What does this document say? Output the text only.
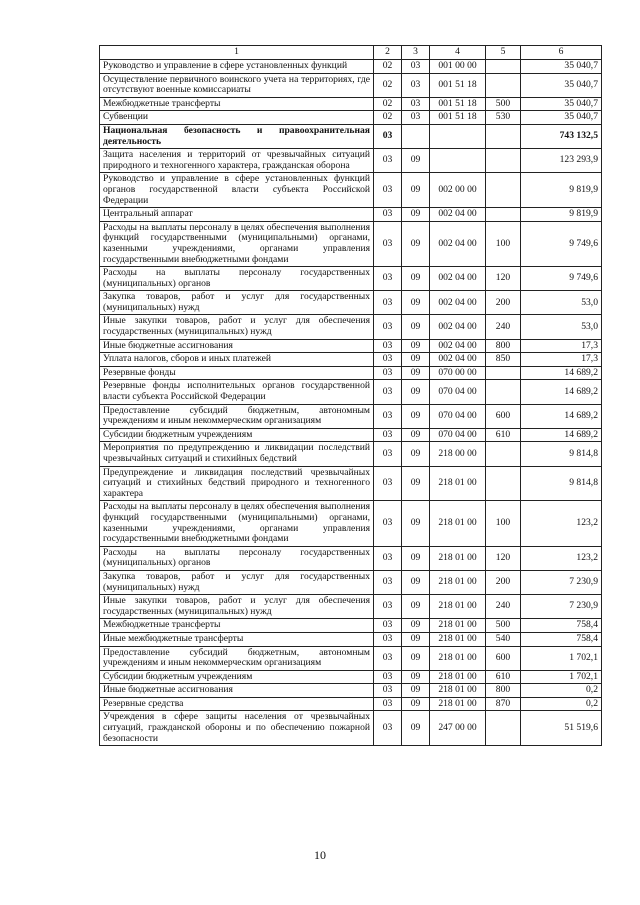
1	2	3	4	5	6
Руководство и управление в сфере установленных функций	02	03	001 00 00		35 040,7
Осуществление первичного воинского учета на территориях, где отсутствуют военные комиссариаты	02	03	001 51 18		35 040,7
Межбюджетные трансферты	02	03	001 51 18	500	35 040,7
Субвенции	02	03	001 51 18	530	35 040,7
Национальная безопасность и правоохранительная деятельность	03				743 132,5
Защита населения и территорий от чрезвычайных ситуаций природного и техногенного характера, гражданская оборона	03	09			123 293,9
Руководство и управление в сфере установленных функций органов государственной власти субъекта Российской Федерации	03	09	002 00 00		9 819,9
Центральный аппарат	03	09	002 04 00		9 819,9
Расходы на выплаты персоналу в целях обеспечения выполнения функций государственными (муниципальными) органами, казенными учреждениями, органами управления государственными внебюджетными фондами	03	09	002 04 00	100	9 749,6
Расходы на выплаты персоналу государственных (муниципальных) органов	03	09	002 04 00	120	9 749,6
Закупка товаров, работ и услуг для государственных (муниципальных) нужд	03	09	002 04 00	200	53,0
Иные закупки товаров, работ и услуг для обеспечения государственных (муниципальных) нужд	03	09	002 04 00	240	53,0
Иные бюджетные ассигнования	03	09	002 04 00	800	17,3
Уплата налогов, сборов и иных платежей	03	09	002 04 00	850	17,3
Резервные фонды	03	09	070 00 00		14 689,2
Резервные фонды исполнительных органов государственной власти субъекта Российской Федерации	03	09	070 04 00		14 689,2
Предоставление субсидий бюджетным, автономным учреждениям и иным некоммерческим организациям	03	09	070 04 00	600	14 689,2
Субсидии бюджетным учреждениям	03	09	070 04 00	610	14 689,2
Мероприятия по предупреждению и ликвидации последствий чрезвычайных ситуаций и стихийных бедствий	03	09	218 00 00		9 814,8
Предупреждение и ликвидация последствий чрезвычайных ситуаций и стихийных бедствий природного и техногенного характера	03	09	218 01 00		9 814,8
Расходы на выплаты персоналу в целях обеспечения выполнения функций государственными (муниципальными) органами, казенными учреждениями, органами управления государственными внебюджетными фондами	03	09	218 01 00	100	123,2
Расходы на выплаты персоналу государственных (муниципальных) органов	03	09	218 01 00	120	123,2
Закупка товаров, работ и услуг для государственных (муниципальных) нужд	03	09	218 01 00	200	7 230,9
Иные закупки товаров, работ и услуг для обеспечения государственных (муниципальных) нужд	03	09	218 01 00	240	7 230,9
Межбюджетные трансферты	03	09	218 01 00	500	758,4
Иные межбюджетные трансферты	03	09	218 01 00	540	758,4
Предоставление субсидий бюджетным, автономным учреждениям и иным некоммерческим организациям	03	09	218 01 00	600	1 702,1
Субсидии бюджетным учреждениям	03	09	218 01 00	610	1 702,1
Иные бюджетные ассигнования	03	09	218 01 00	800	0,2
Резервные средства	03	09	218 01 00	870	0,2
Учреждения в сфере защиты населения от чрезвычайных ситуаций, гражданской обороны и по обеспечению пожарной безопасности	03	09	247 00 00		51 519,6
10
